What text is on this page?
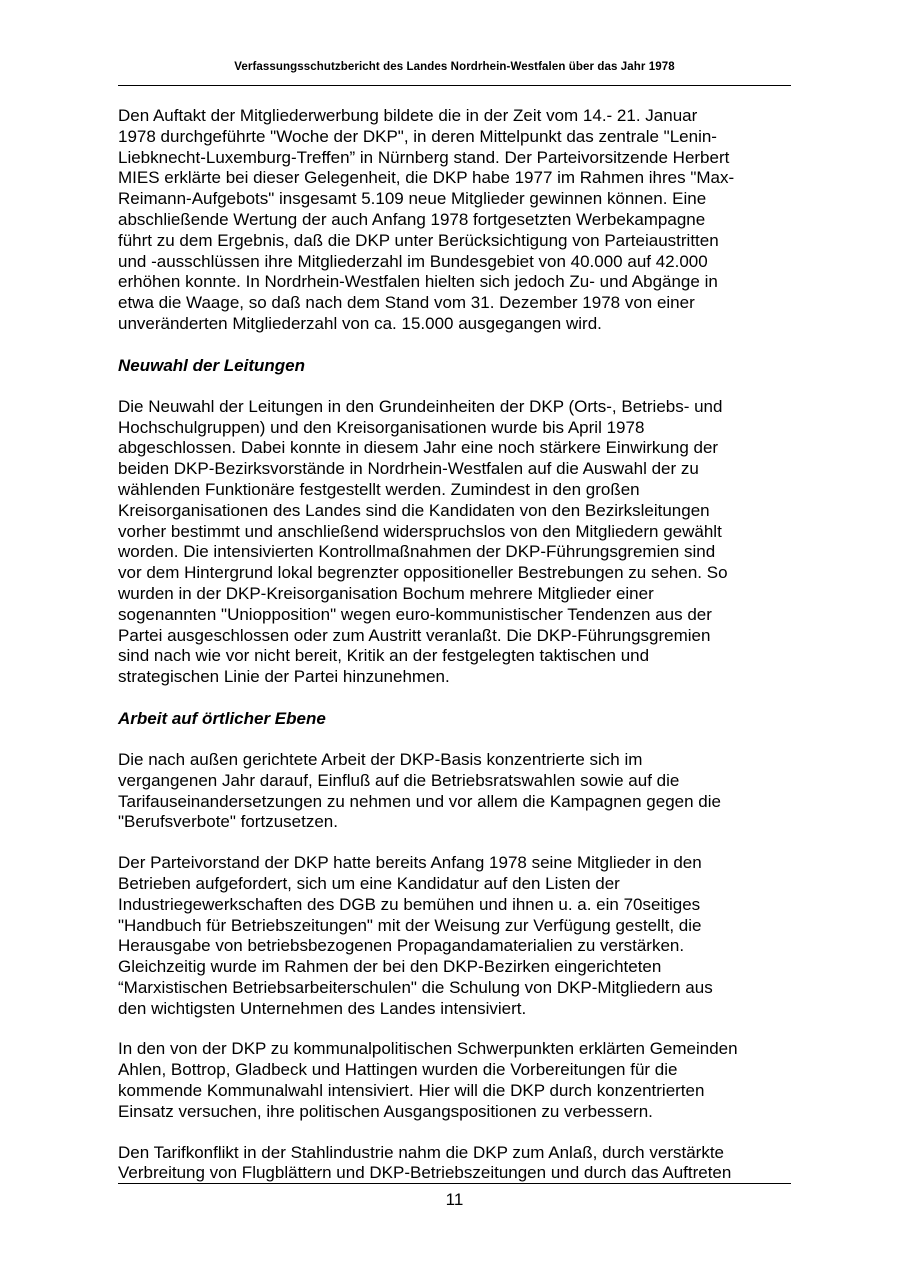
Verfassungsschutzbericht des Landes Nordrhein-Westfalen über das Jahr 1978

Den Auftakt der Mitgliederwerbung bildete die in der Zeit vom 14.- 21. Januar
1978 durchgeführte "Woche der DKP", in deren Mittelpunkt das zentrale "Lenin-
Liebknecht-Luxemburg-Treffen” in Nürnberg stand. Der Parteivorsitzende Herbert
MIES erklärte bei dieser Gelegenheit, die DKP habe 1977 im Rahmen ihres "Max-
Reimann-Aufgebots" insgesamt 5.109 neue Mitglieder gewinnen können. Eine
abschließende Wertung der auch Anfang 1978 fortgesetzten Werbekampagne
führt zu dem Ergebnis, daß die DKP unter Berücksichtigung von Parteiaustritten
und -ausschlüssen ihre Mitgliederzahl im Bundesgebiet von 40.000 auf 42.000
erhöhen konnte. In Nordrhein-Westfalen hielten sich jedoch Zu- und Abgänge in
etwa die Waage, so daß nach dem Stand vom 31. Dezember 1978 von einer
unveränderten Mitgliederzahl von ca. 15.000 ausgegangen wird.

Neuwahl der Leitungen

Die Neuwahl der Leitungen in den Grundeinheiten der DKP (Orts-, Betriebs- und
Hochschulgruppen) und den Kreisorganisationen wurde bis April 1978
abgeschlossen. Dabei konnte in diesem Jahr eine noch stärkere Einwirkung der
beiden DKP-Bezirksvorstände in Nordrhein-Westfalen auf die Auswahl der zu
wählenden Funktionäre festgestellt werden. Zumindest in den großen
Kreisorganisationen des Landes sind die Kandidaten von den Bezirksleitungen
vorher bestimmt und anschließend widerspruchslos von den Mitgliedern gewählt
worden. Die intensivierten Kontrollmaßnahmen der DKP-Führungsgremien sind
vor dem Hintergrund lokal begrenzter oppositioneller Bestrebungen zu sehen. So
wurden in der DKP-Kreisorganisation Bochum mehrere Mitglieder einer
sogenannten "Uniopposition" wegen euro-kommunistischer Tendenzen aus der
Partei ausgeschlossen oder zum Austritt veranlaßt. Die DKP-Führungsgremien
sind nach wie vor nicht bereit, Kritik an der festgelegten taktischen und
strategischen Linie der Partei hinzunehmen.

Arbeit auf örtlicher Ebene

Die nach außen gerichtete Arbeit der DKP-Basis konzentrierte sich im
vergangenen Jahr darauf, Einfluß auf die Betriebsratswahlen sowie auf die
Tarifauseinandersetzungen zu nehmen und vor allem die Kampagnen gegen die
"Berufsverbote" fortzusetzen.

Der Parteivorstand der DKP hatte bereits Anfang 1978 seine Mitglieder in den
Betrieben aufgefordert, sich um eine Kandidatur auf den Listen der
Industriegewerkschaften des DGB zu bemühen und ihnen u. a. ein 70seitiges
"Handbuch für Betriebszeitungen" mit der Weisung zur Verfügung gestellt, die
Herausgabe von betriebsbezogenen Propagandamaterialien zu verstärken.
Gleichzeitig wurde im Rahmen der bei den DKP-Bezirken eingerichteten
“Marxistischen Betriebsarbeiterschulen" die Schulung von DKP-Mitgliedern aus
den wichtigsten Unternehmen des Landes intensiviert.

In den von der DKP zu kommunalpolitischen Schwerpunkten erklärten Gemeinden
Ahlen, Bottrop, Gladbeck und Hattingen wurden die Vorbereitungen für die
kommende Kommunalwahl intensiviert. Hier will die DKP durch konzentrierten
Einsatz versuchen, ihre politischen Ausgangspositionen zu verbessern.

Den Tarifkonflikt in der Stahlindustrie nahm die DKP zum Anlaß, durch verstärkte
Verbreitung von Flugblättern und DKP-Betriebszeitungen und durch das Auftreten

11
